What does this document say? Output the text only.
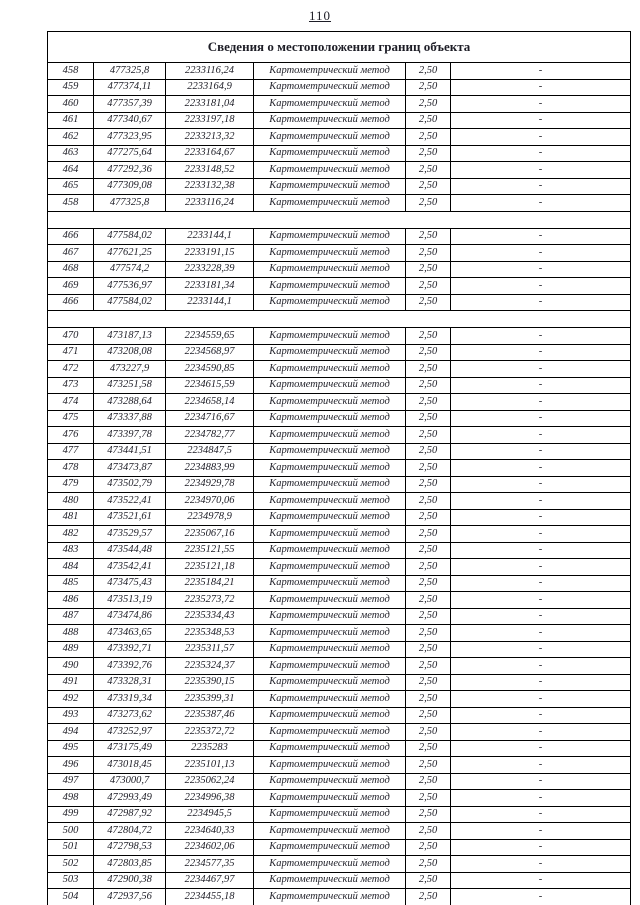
110
Сведения о местоположении границ объекта					
458	477325,8	2233116,24	Картометрический метод	2,50	-
459	477374,11	2233164,9	Картометрический метод	2,50	-
460	477357,39	2233181,04	Картометрический метод	2,50	-
461	477340,67	2233197,18	Картометрический метод	2,50	-
462	477323,95	2233213,32	Картометрический метод	2,50	-
463	477275,64	2233164,67	Картометрический метод	2,50	-
464	477292,36	2233148,52	Картометрический метод	2,50	-
465	477309,08	2233132,38	Картометрический метод	2,50	-
458	477325,8	2233116,24	Картометрический метод	2,50	-

466	477584,02	2233144,1	Картометрический метод	2,50	-
467	477621,25	2233191,15	Картометрический метод	2,50	-
468	477574,2	2233228,39	Картометрический метод	2,50	-
469	477536,97	2233181,34	Картометрический метод	2,50	-
466	477584,02	2233144,1	Картометрический метод	2,50	-

470	473187,13	2234559,65	Картометрический метод	2,50	-
471	473208,08	2234568,97	Картометрический метод	2,50	-
472	473227,9	2234590,85	Картометрический метод	2,50	-
473	473251,58	2234615,59	Картометрический метод	2,50	-
474	473288,64	2234658,14	Картометрический метод	2,50	-
475	473337,88	2234716,67	Картометрический метод	2,50	-
476	473397,78	2234782,77	Картометрический метод	2,50	-
477	473441,51	2234847,5	Картометрический метод	2,50	-
478	473473,87	2234883,99	Картометрический метод	2,50	-
479	473502,79	2234929,78	Картометрический метод	2,50	-
480	473522,41	2234970,06	Картометрический метод	2,50	-
481	473521,61	2234978,9	Картометрический метод	2,50	-
482	473529,57	2235067,16	Картометрический метод	2,50	-
483	473544,48	2235121,55	Картометрический метод	2,50	-
484	473542,41	2235121,18	Картометрический метод	2,50	-
485	473475,43	2235184,21	Картометрический метод	2,50	-
486	473513,19	2235273,72	Картометрический метод	2,50	-
487	473474,86	2235334,43	Картометрический метод	2,50	-
488	473463,65	2235348,53	Картометрический метод	2,50	-
489	473392,71	2235311,57	Картометрический метод	2,50	-
490	473392,76	2235324,37	Картометрический метод	2,50	-
491	473328,31	2235390,15	Картометрический метод	2,50	-
492	473319,34	2235399,31	Картометрический метод	2,50	-
493	473273,62	2235387,46	Картометрический метод	2,50	-
494	473252,97	2235372,72	Картометрический метод	2,50	-
495	473175,49	2235283	Картометрический метод	2,50	-
496	473018,45	2235101,13	Картометрический метод	2,50	-
497	473000,7	2235062,24	Картометрический метод	2,50	-
498	472993,49	2234996,38	Картометрический метод	2,50	-
499	472987,92	2234945,5	Картометрический метод	2,50	-
500	472804,72	2234640,33	Картометрический метод	2,50	-
501	472798,53	2234602,06	Картометрический метод	2,50	-
502	472803,85	2234577,35	Картометрический метод	2,50	-
503	472900,38	2234467,97	Картометрический метод	2,50	-
504	472937,56	2234455,18	Картометрический метод	2,50	-
